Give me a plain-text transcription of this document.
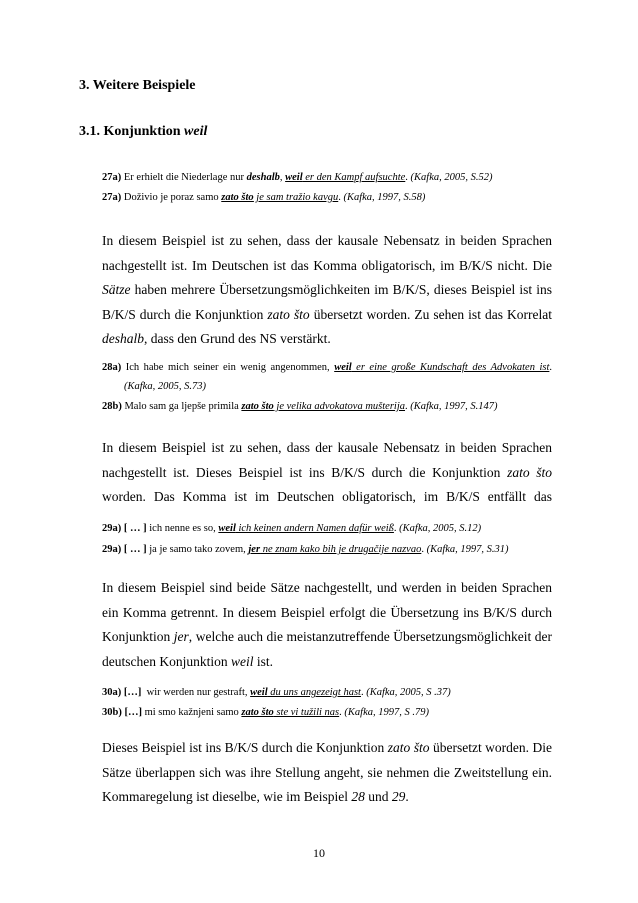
3. Weitere Beispiele
3.1. Konjunktion weil
27a) Er erhielt die Niederlage nur deshalb, weil er den Kampf aufsuchte. (Kafka, 2005, S.52)
27a) Doživio je poraz samo zato što je sam tražio kavgu. (Kafka, 1997, S.58)
In diesem Beispiel ist zu sehen, dass der kausale Nebensatz in beiden Sprachen
nachgestellt ist. Im Deutschen ist das Komma obligatorisch, im B/K/S nicht. Die
Sätze haben mehrere Übersetzungsmöglichkeiten im B/K/S, dieses Beispiel ist ins
B/K/S durch die Konjunktion zato što übersetzt worden. Zu sehen ist das Korrelat
deshalb, dass den Grund des NS verstärkt.
28a) Ich habe mich seiner ein wenig angenommen, weil er eine große Kundschaft des Advokaten ist.
(Kafka, 2005, S.73)
28b) Malo sam ga ljepše primila zato što je velika advokatova mušterija. (Kafka, 1997, S.147)
In diesem Beispiel ist zu sehen, dass der kausale Nebensatz in beiden Sprachen
nachgestellt ist. Dieses Beispiel ist ins B/K/S durch die Konjunktion zato što
worden. Das Komma ist im Deutschen obligatorisch, im B/K/S entfällt das
29a) [ … ] ich nenne es so, weil ich keinen andern Namen dafür weiß. (Kafka, 2005, S.12)
29a) [ … ] ja je samo tako zovem, jer ne znam kako bih je drugačije nazvao. (Kafka, 1997, S.31)
In diesem Beispiel sind beide Sätze nachgestellt, und werden in beiden Sprachen
ein Komma getrennt. In diesem Beispiel erfolgt die Übersetzung ins B/K/S durch
Konjunktion jer, welche auch die meistanzutreffende Übersetzungsmöglichkeit der
deutschen Konjunktion weil ist.
30a) […]  wir werden nur gestraft, weil du uns angezeigt hast. (Kafka, 2005, S .37)
30b) […] mi smo kažnjeni samo zato što ste vi tužili nas. (Kafka, 1997, S .79)
Dieses Beispiel ist ins B/K/S durch die Konjunktion zato što übersetzt worden. Die
Sätze überlappen sich was ihre Stellung angeht, sie nehmen die Zweitstellung ein.
Kommaregelung ist dieselbe, wie im Beispiel 28 und 29.
10
